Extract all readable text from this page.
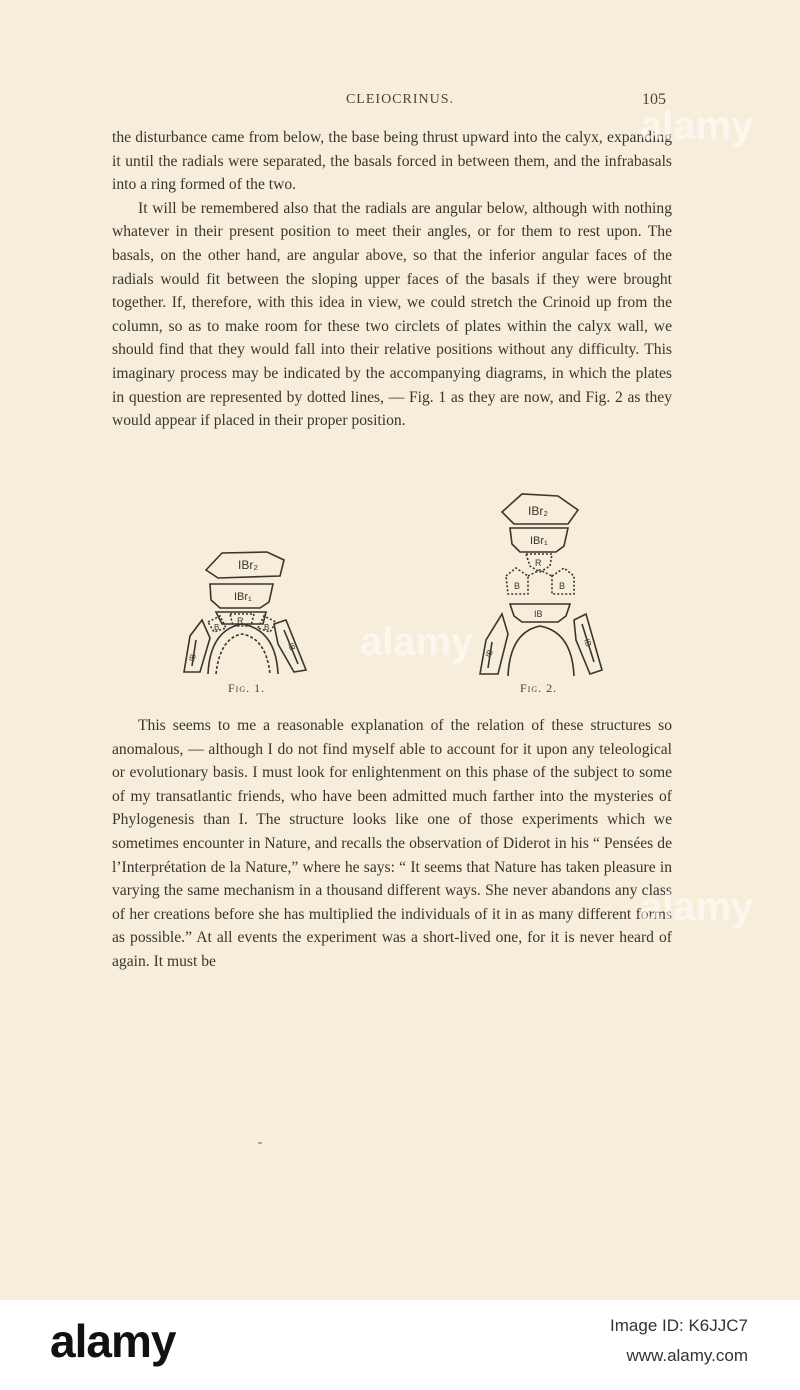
CLEIOCRINUS.	105

the disturbance came from below, the base being thrust upward into the calyx, expanding it until the radials were separated, the basals forced in between them, and the infrabasals into a ring formed of the two.

It will be remembered also that the radials are angular below, although with nothing whatever in their present position to meet their angles, or for them to rest upon. The basals, on the other hand, are angular above, so that the inferior angular faces of the radials would fit between the sloping upper faces of the basals if they were brought together. If, therefore, with this idea in view, we could stretch the Crinoid up from the column, so as to make room for these two circlets of plates within the calyx wall, we should find that they would fall into their relative positions without any difficulty. This imaginary process may be indicated by the accompanying diagrams, in which the plates in question are represented by dotted lines, — Fig. 1 as they are now, and Fig. 2 as they would appear if placed in their proper position.

IBr₂
IBr₁
R
B	B
IB
IB
Fig. 1.
IBr₂
IBr₁
R
B	B
IB
IB
IB
Fig. 2.

This seems to me a reasonable explanation of the relation of these structures so anomalous, — although I do not find myself able to account for it upon any teleological or evolutionary basis. I must look for enlightenment on this phase of the subject to some of my transatlantic friends, who have been admitted much farther into the mysteries of Phylogenesis than I. The structure looks like one of those experiments which we sometimes encounter in Nature, and recalls the observation of Diderot in his “ Pensées de l’Interprétation de la Nature,” where he says: “ It seems that Nature has taken pleasure in varying the same mechanism in a thousand different ways. She never abandons any class of her creations before she has multiplied the individuals of it in as many different forms as possible.” At all events the experiment was a short-lived one, for it is never heard of again. It must be

alamy
alamy
alamy
alamy	Image ID: K6JJC7
www.alamy.com
